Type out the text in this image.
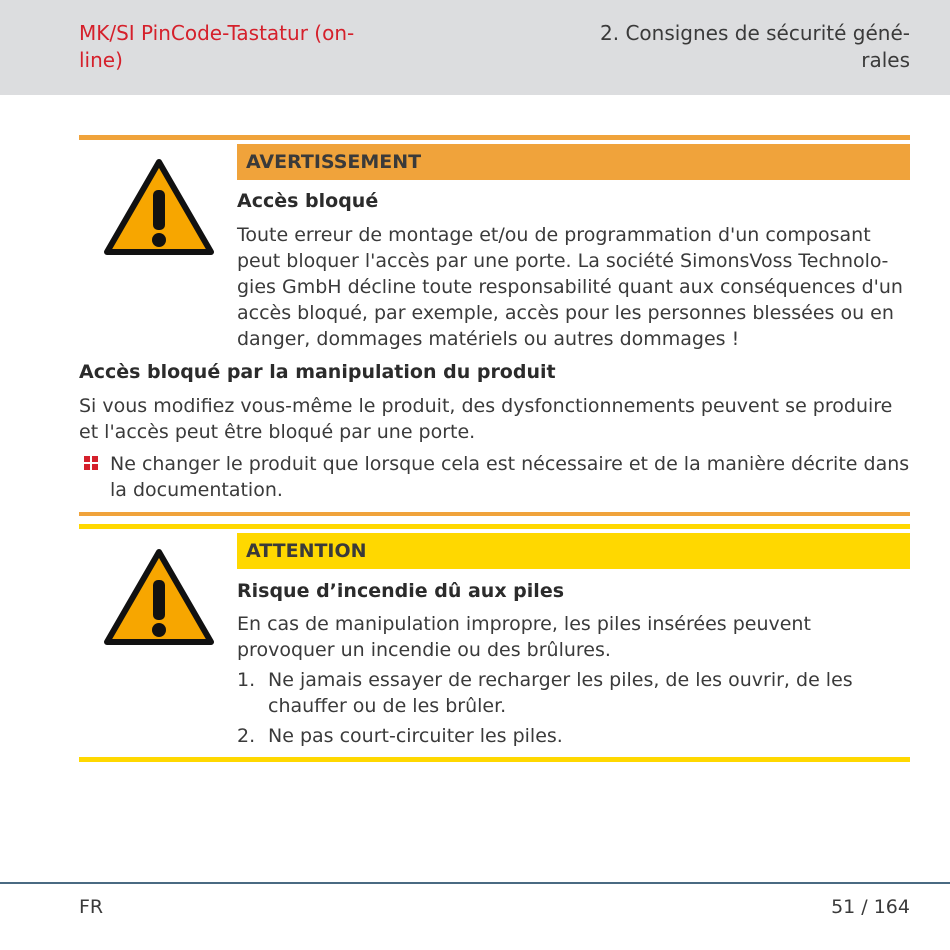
MK/SI PinCode-Tastatur (online)
2. Consignes de sécurité générales
AVERTISSEMENT
Accès bloqué
Toute erreur de montage et/ou de programmation d'un composant peut bloquer l'accès par une porte. La société SimonsVoss Technologies GmbH décline toute responsabilité quant aux conséquences d'un accès bloqué, par exemple, accès pour les personnes blessées ou en danger, dommages matériels ou autres dommages !
Accès bloqué par la manipulation du produit
Si vous modifiez vous-même le produit, des dysfonctionnements peuvent se produire et l'accès peut être bloqué par une porte.
Ne changer le produit que lorsque cela est nécessaire et de la manière décrite dans la documentation.
ATTENTION
Risque d’incendie dû aux piles
En cas de manipulation impropre, les piles insérées peuvent provoquer un incendie ou des brûlures.
1. Ne jamais essayer de recharger les piles, de les ouvrir, de les chauffer ou de les brûler.
2. Ne pas court-circuiter les piles.
FR	51 / 164
